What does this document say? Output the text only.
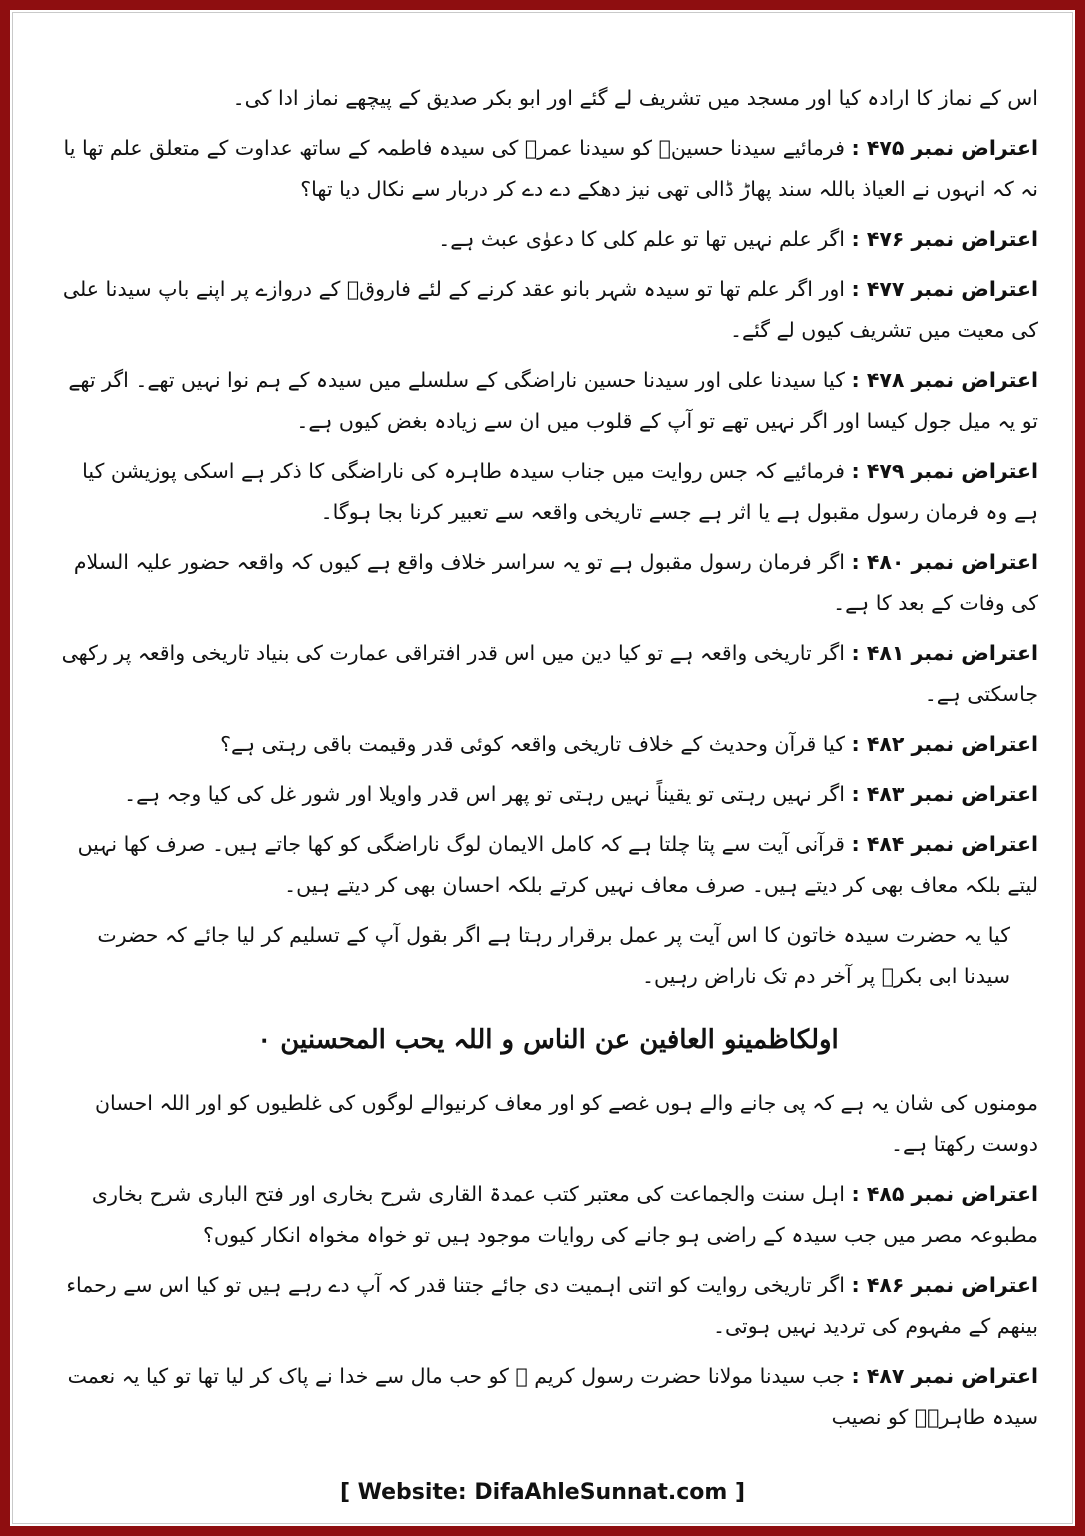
اس کے نماز کا ارادہ کیا اور مسجد میں تشریف لے گئے اور ابو بکر صدیق کے پیچھے نماز ادا کی۔

اعتراض نمبر ۴۷۵ : فرمائیے سیدنا حسینؓ کو سیدنا عمرؓ کی سیدہ فاطمہ کے ساتھ عداوت کے متعلق علم تھا یا نہ کہ انہوں نے العیاذ باللہ سند پھاڑ ڈالی تھی نیز دھکے دے دے کر دربار سے نکال دیا تھا؟

اعتراض نمبر ۴۷۶ : اگر علم نہیں تھا تو علم کلی کا دعوٰی عبث ہے۔

اعتراض نمبر ۴۷۷ : اور اگر علم تھا تو سیدہ شہر بانو عقد کرنے کے لئے فاروقؓ کے دروازے پر اپنے باپ سیدنا علی کی معیت میں تشریف کیوں لے گئے۔

اعتراض نمبر ۴۷۸ : کیا سیدنا علی اور سیدنا حسین ناراضگی کے سلسلے میں سیدہ کے ہم نوا نہیں تھے۔ اگر تھے تو یہ میل جول کیسا اور اگر نہیں تھے تو آپ کے قلوب میں ان سے زیادہ بغض کیوں ہے۔

اعتراض نمبر ۴۷۹ : فرمائیے کہ جس روایت میں جناب سیدہ طاہرہ کی ناراضگی کا ذکر ہے اسکی پوزیشن کیا ہے وہ فرمان رسول مقبول ہے یا اثر ہے جسے تاریخی واقعہ سے تعبیر کرنا بجا ہوگا۔

اعتراض نمبر ۴۸۰ : اگر فرمان رسول مقبول ہے تو یہ سراسر خلاف واقع ہے کیوں کہ واقعہ حضور علیہ السلام کی وفات کے بعد کا ہے۔

اعتراض نمبر ۴۸۱ : اگر تاریخی واقعہ ہے تو کیا دین میں اس قدر افتراقی عمارت کی بنیاد تاریخی واقعہ پر رکھی جاسکتی ہے۔

اعتراض نمبر ۴۸۲ : کیا قرآن وحدیث کے خلاف تاریخی واقعہ کوئی قدر وقیمت باقی رہتی ہے؟

اعتراض نمبر ۴۸۳ : اگر نہیں رہتی تو یقیناً نہیں رہتی تو پھر اس قدر واویلا اور شور غل کی کیا وجہ ہے۔

اعتراض نمبر ۴۸۴ : قرآنی آیت سے پتا چلتا ہے کہ کامل الایمان لوگ ناراضگی کو کھا جاتے ہیں۔ صرف کھا نہیں لیتے بلکہ معاف بھی کر دیتے ہیں۔ صرف معاف نہیں کرتے بلکہ احسان بھی کر دیتے ہیں۔

کیا یہ حضرت سیدہ خاتون کا اس آیت پر عمل برقرار رہتا ہے اگر بقول آپ کے تسلیم کر لیا جائے کہ حضرت سیدنا ابی بکرؓ پر آخر دم تک ناراض رہیں۔

اولکاظمینو العافین عن الناس و اللہ یحب المحسنین ۰

مومنوں کی شان یہ ہے کہ پی جانے والے ہوں غصے کو اور معاف کرنیوالے لوگوں کی غلطیوں کو اور اللہ احسان دوست رکھتا ہے۔

اعتراض نمبر ۴۸۵ : اہل سنت والجماعت کی معتبر کتب عمدۃ القاری شرح بخاری اور فتح الباری شرح بخاری مطبوعہ مصر میں جب سیدہ کے راضی ہو جانے کی روایات موجود ہیں تو خواہ مخواہ انکار کیوں؟

اعتراض نمبر ۴۸۶ : اگر تاریخی روایت کو اتنی اہمیت دی جائے جتنا قدر کہ آپ دے رہے ہیں تو کیا اس سے رحماء بینھم کے مفہوم کی تردید نہیں ہوتی۔

اعتراض نمبر ۴۸۷ : جب سیدنا مولانا حضرت رسول کریم ﷺ کو حب مال سے خدا نے پاک کر لیا تھا تو کیا یہ نعمت سیدہ طاہرہؓ کو نصیب

[ Website: DifaAhleSunnat.com ]
